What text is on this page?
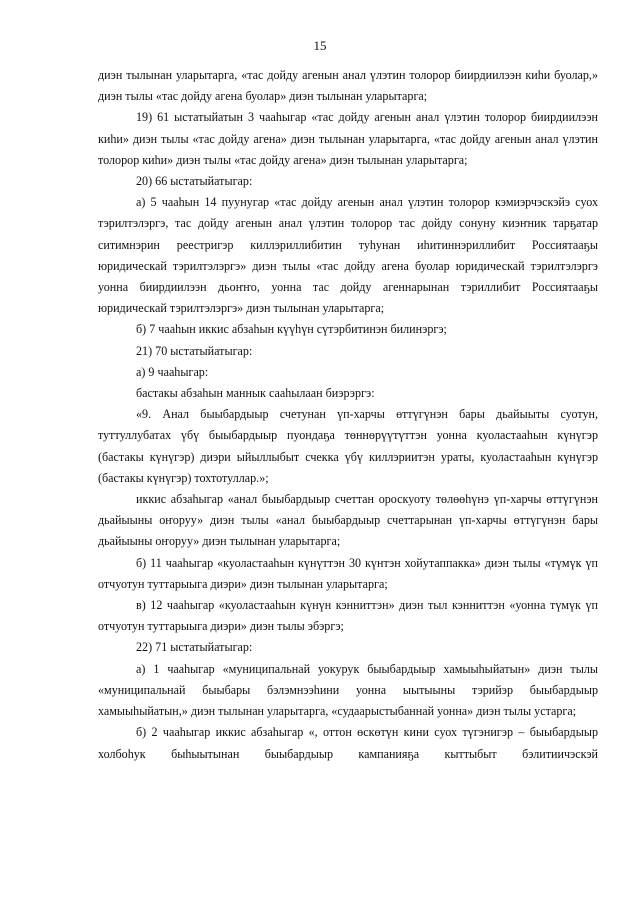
15

диэн тылынан уларытарга, «тас дойду агенын анал үлэтин толорор биирдиилээн киһи буолар,» диэн тылы «тас дойду агена буолар» диэн тылынан уларытарга;

19) 61 ыстатыйатын 3 чааһыгар «тас дойду агенын анал үлэтин толорор биирдиилээн киһи» диэн тылы «тас дойду агена» диэн тылынан уларытарга, «тас дойду агенын анал үлэтин толорор киһи» диэн тылы «тас дойду агена» диэн тылынан уларытарга;

20) 66 ыстатыйатыгар:

а) 5 чааһын 14 пуунугар «тас дойду агенын анал үлэтин толорор кэмиэрчэскэйэ суох тэрилтэлэргэ, тас дойду агенын анал үлэтин толорор тас дойду сонуну киэҥник тарҕатар ситимнэрин реестригэр киллэриллибитин туһунан иһитиннэриллибит Россиятааҕы юридическай тэрилтэлэргэ» диэн тылы «тас дойду агена буолар юридическай тэрилтэлэргэ уонна биирдиилээн дьоҥҥо, уонна тас дойду агеннарынан тэриллибит Россиятааҕы юридическай тэрилтэлэргэ» диэн тылынан уларытарга;

б) 7 чааһын иккис абзаһын күүһүн сүтэрбитинэн билинэргэ;

21) 70 ыстатыйатыгар:

а) 9 чааһыгар:

бастакы абзаһын маннык сааһылаан биэрэргэ:

«9. Анал быыбардыыр счетунан үп-харчы өттүгүнэн бары дьайыыты суотун, туттуллубатах үбү быыбардыыр пуондаҕа төннөрүүтүттэн уонна куоластааһын күнүгэр (бастакы күнүгэр) диэри ыйыллыбыт счекка үбү киллэриитэн ураты, куоластааһын күнүгэр (бастакы күнүгэр) тохтотуллар.»;

иккис абзаһыгар «анал быыбардыыр счеттан ороскуоту төлөөһүнэ үп-харчы өттүгүнэн дьайыыны оҥоруу» диэн тылы «анал быыбардыыр счеттарынан үп-харчы өттүгүнэн бары дьайыыны оҥоруу» диэн тылынан уларытарга;

б) 11 чааһыгар «куоластааһын күнүттэн 30 күнтэн хойутаппакка» диэн тылы «түмүк үп отчуотун туттарыыгa диэри» диэн тылынан уларытарга;

в) 12 чааһыгар «куоластааһын күнүн кэнниттэн» диэн тыл кэнниттэн «уонна түмүк үп отчуотун туттарыыга диэри» диэн тылы эбэргэ;

22) 71 ыстатыйатыгар:

а) 1 чааһыгар «муниципальнай уокурук быыбардыыр хамыыһыйатын» диэн тылы «муниципальнай быыбары бэлэмнээһини уонна ыытыыны тэрийэр быыбардыыр хамыыһыйатын,» диэн тылынан уларытарга, «судаарыстыбаннай уонна» диэн тылы устарга;

б) 2 чааһыгар иккис абзаһыгар «, оттон өскөтүн кини суох түгэнигэр – быыбардыыр холбоһук быһыытынан быыбардыыр кампанияҕа кыттыбыт бэлитиичэскэй
